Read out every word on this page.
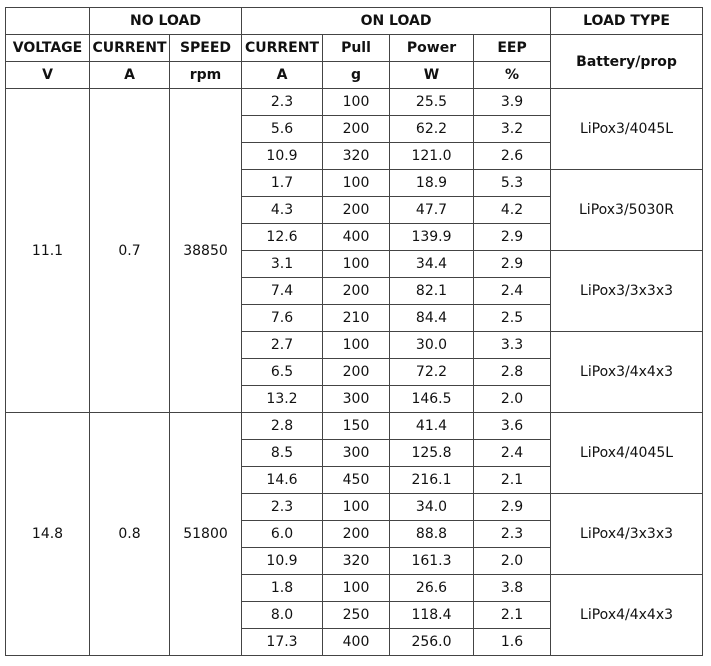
	NO LOAD		ON LOAD				LOAD TYPE
VOLTAGE	CURRENT	SPEED	CURRENT	Pull	Power	EEP	Battery/prop
V	A	rpm	A	g	W	%	
11.1	0.7	38850	2.3	100	25.5	3.9	LiPox3/4045L
			5.6	200	62.2	3.2	
			10.9	320	121.0	2.6	
			1.7	100	18.9	5.3	LiPox3/5030R
			4.3	200	47.7	4.2	
			12.6	400	139.9	2.9	
			3.1	100	34.4	2.9	LiPox3/3x3x3
			7.4	200	82.1	2.4	
			7.6	210	84.4	2.5	
			2.7	100	30.0	3.3	LiPox3/4x4x3
			6.5	200	72.2	2.8	
			13.2	300	146.5	2.0	
14.8	0.8	51800	2.8	150	41.4	3.6	LiPox4/4045L
			8.5	300	125.8	2.4	
			14.6	450	216.1	2.1	
			2.3	100	34.0	2.9	LiPox4/3x3x3
			6.0	200	88.8	2.3	
			10.9	320	161.3	2.0	
			1.8	100	26.6	3.8	LiPox4/4x4x3
			8.0	250	118.4	2.1	
			17.3	400	256.0	1.6	
